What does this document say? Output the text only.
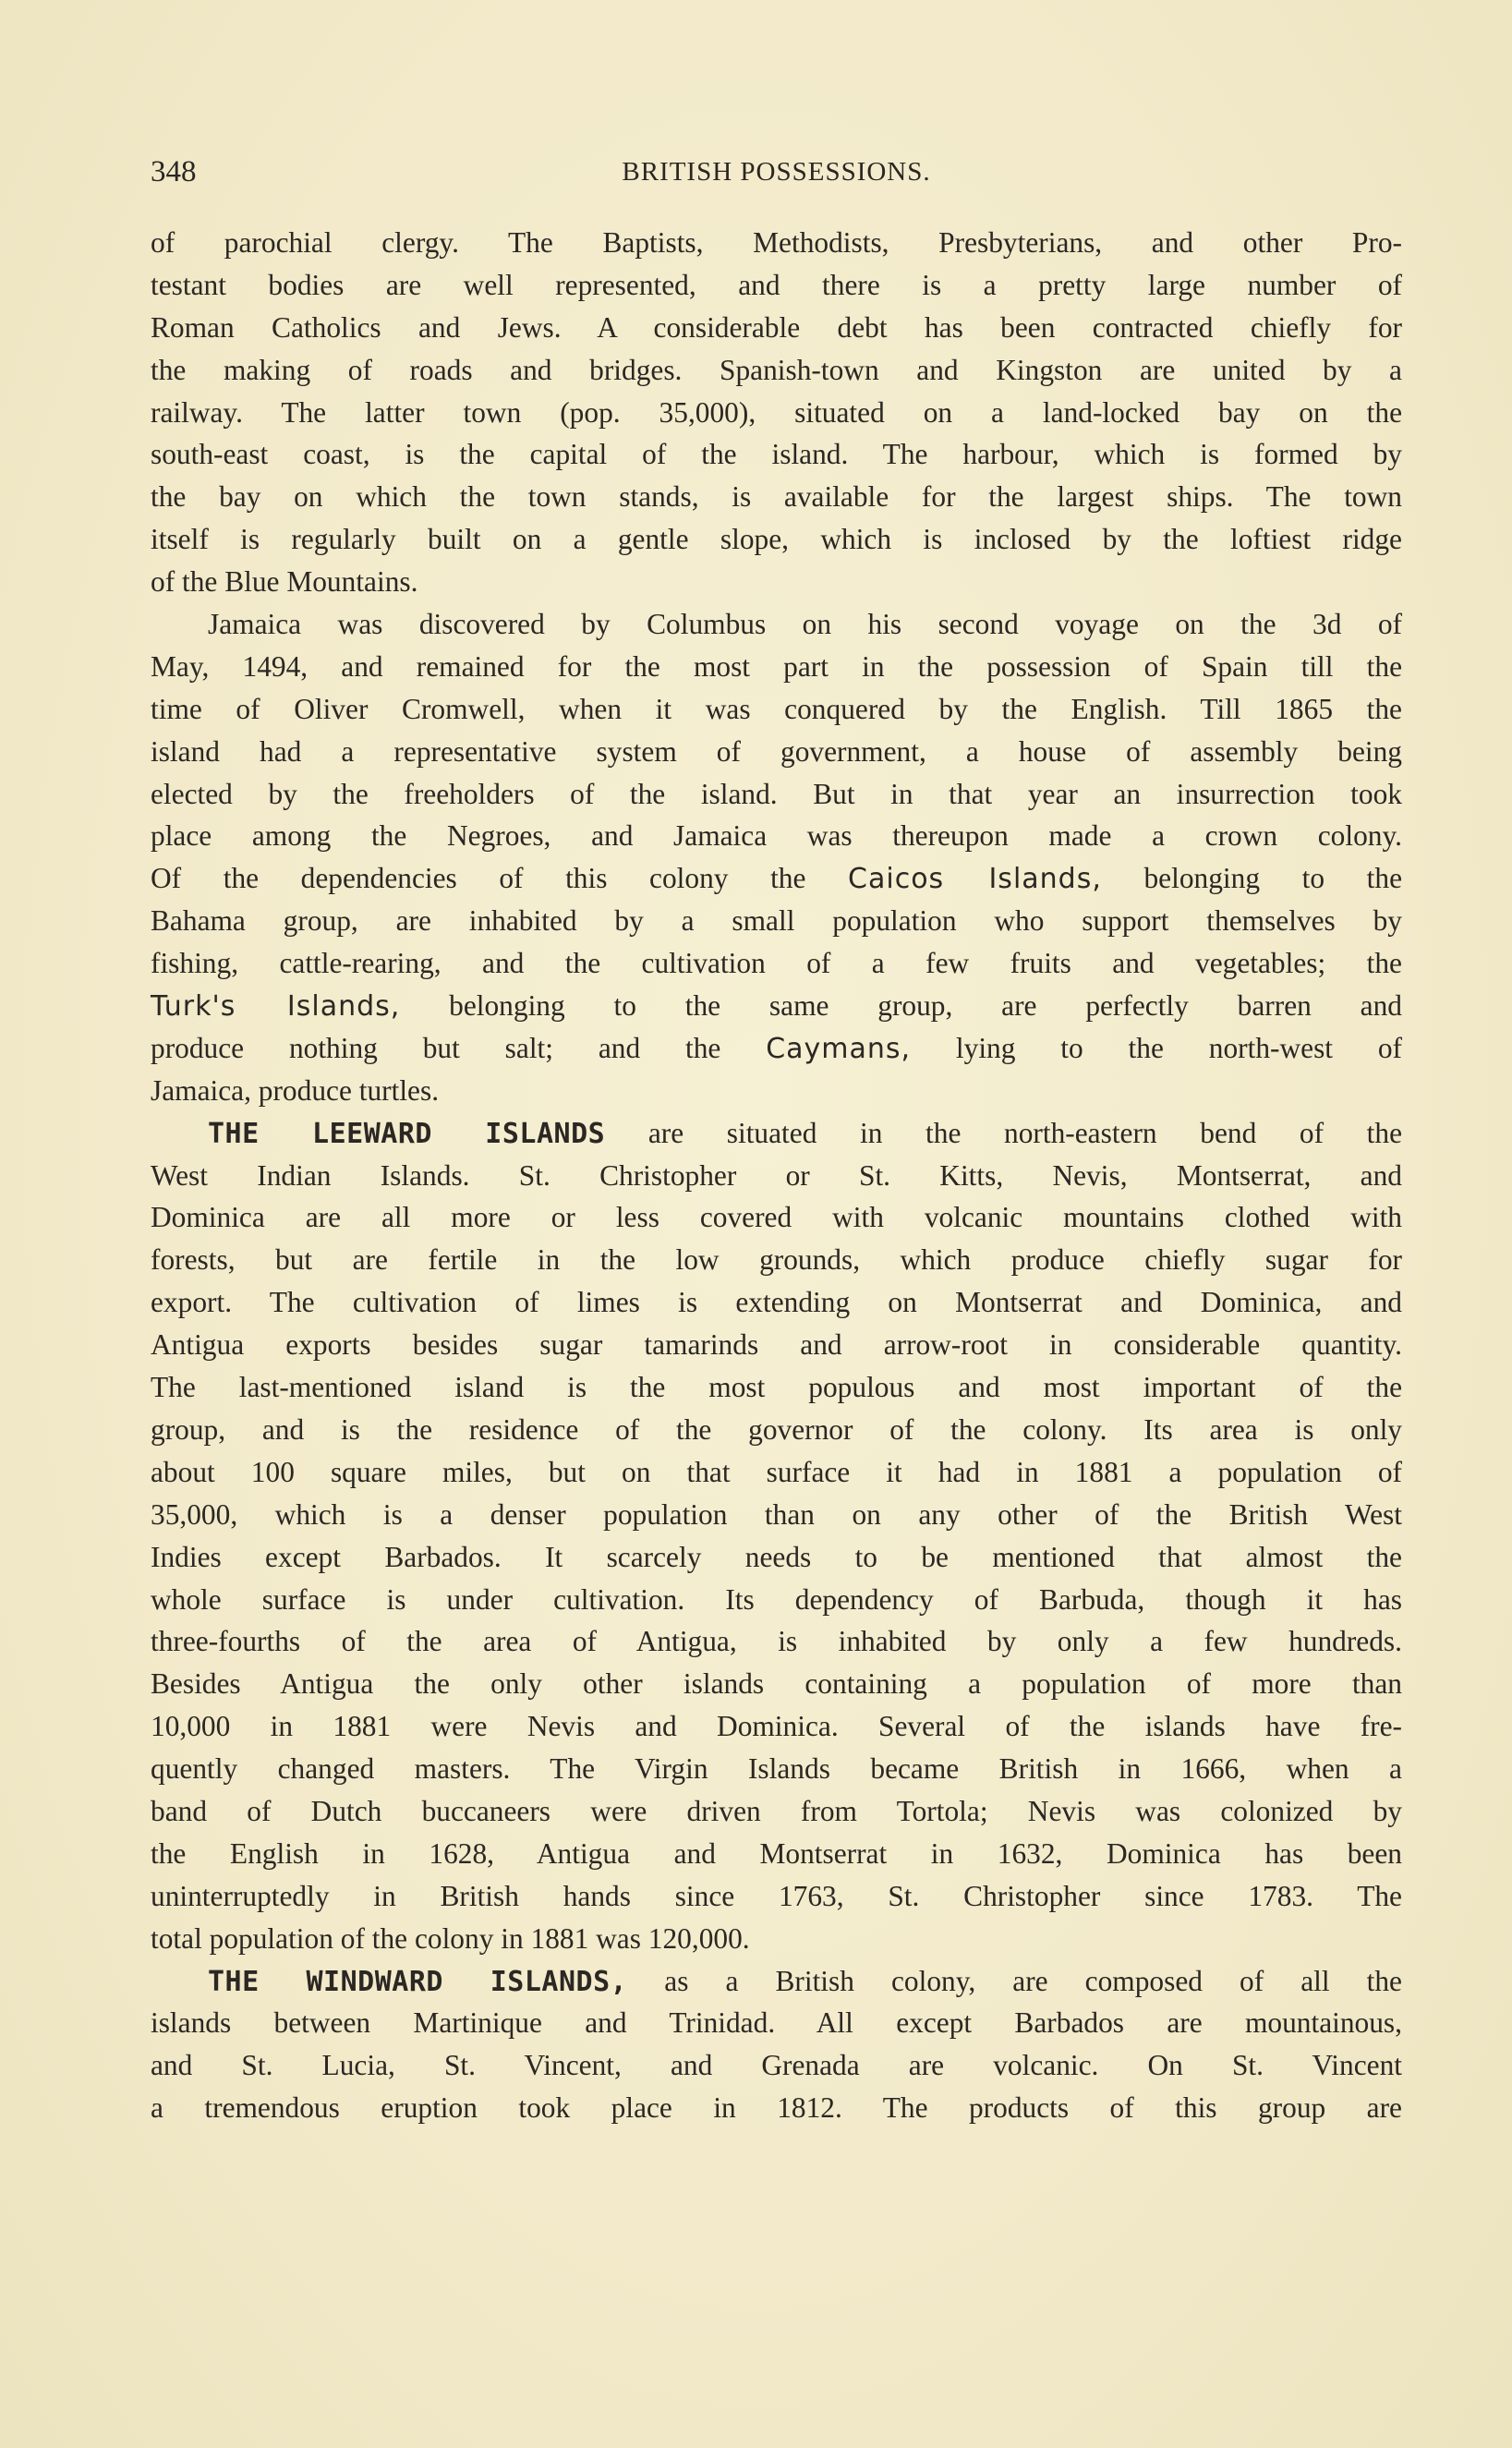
348	BRITISH POSSESSIONS.
of parochial clergy. The Baptists, Methodists, Presbyterians, and other Pro-
testant bodies are well represented, and there is a pretty large number of
Roman Catholics and Jews. A considerable debt has been contracted chiefly for
the making of roads and bridges. Spanish-town and Kingston are united by a
railway. The latter town (pop. 35,000), situated on a land-locked bay on the
south-east coast, is the capital of the island. The harbour, which is formed by
the bay on which the town stands, is available for the largest ships. The town
itself is regularly built on a gentle slope, which is inclosed by the loftiest ridge
of the Blue Mountains.
Jamaica was discovered by Columbus on his second voyage on the 3d of
May, 1494, and remained for the most part in the possession of Spain till the
time of Oliver Cromwell, when it was conquered by the English. Till 1865 the
island had a representative system of government, a house of assembly being
elected by the freeholders of the island. But in that year an insurrection took
place among the Negroes, and Jamaica was thereupon made a crown colony.
Of the dependencies of this colony the Caicos Islands, belonging to the
Bahama group, are inhabited by a small population who support themselves by
fishing, cattle-rearing, and the cultivation of a few fruits and vegetables; the
Turk's Islands, belonging to the same group, are perfectly barren and
produce nothing but salt; and the Caymans, lying to the north-west of
Jamaica, produce turtles.
THE LEEWARD ISLANDS are situated in the north-eastern bend of the
West Indian Islands. St. Christopher or St. Kitts, Nevis, Montserrat, and
Dominica are all more or less covered with volcanic mountains clothed with
forests, but are fertile in the low grounds, which produce chiefly sugar for
export. The cultivation of limes is extending on Montserrat and Dominica, and
Antigua exports besides sugar tamarinds and arrow-root in considerable quantity.
The last-mentioned island is the most populous and most important of the
group, and is the residence of the governor of the colony. Its area is only
about 100 square miles, but on that surface it had in 1881 a population of
35,000, which is a denser population than on any other of the British West
Indies except Barbados. It scarcely needs to be mentioned that almost the
whole surface is under cultivation. Its dependency of Barbuda, though it has
three-fourths of the area of Antigua, is inhabited by only a few hundreds.
Besides Antigua the only other islands containing a population of more than
10,000 in 1881 were Nevis and Dominica. Several of the islands have fre-
quently changed masters. The Virgin Islands became British in 1666, when a
band of Dutch buccaneers were driven from Tortola; Nevis was colonized by
the English in 1628, Antigua and Montserrat in 1632, Dominica has been
uninterruptedly in British hands since 1763, St. Christopher since 1783. The
total population of the colony in 1881 was 120,000.
THE WINDWARD ISLANDS, as a British colony, are composed of all the
islands between Martinique and Trinidad. All except Barbados are mountainous,
and St. Lucia, St. Vincent, and Grenada are volcanic. On St. Vincent
a tremendous eruption took place in 1812. The products of this group are
